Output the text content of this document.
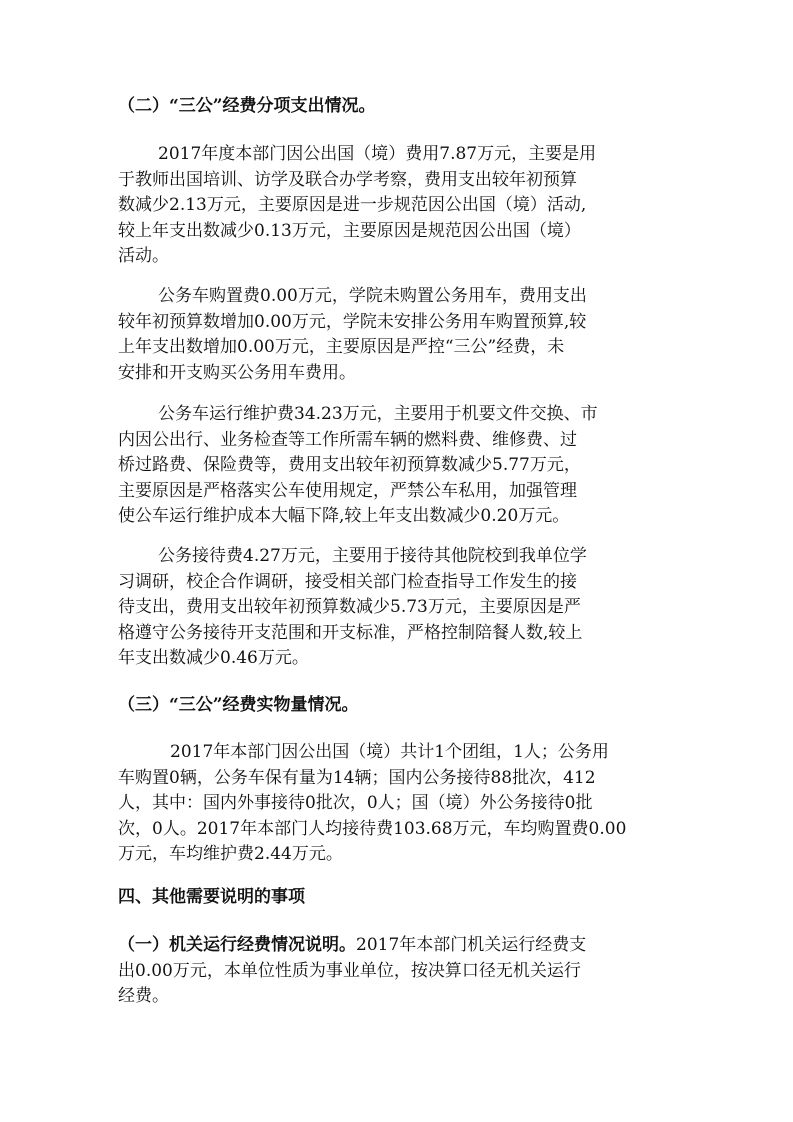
（二）“三公”经费分项支出情况。
2017年度本部门因公出国（境）费用7.87万元，主要是用
于教师出国培训、访学及联合办学考察，费用支出较年初预算
数减少2.13万元，主要原因是进一步规范因公出国（境）活动,
较上年支出数减少0.13万元，主要原因是规范因公出国（境）
活动。
公务车购置费0.00万元，学院未购置公务用车，费用支出
较年初预算数增加0.00万元，学院未安排公务用车购置预算,较
上年支出数增加0.00万元，主要原因是严控“三公”经费，未
安排和开支购买公务用车费用。
公务车运行维护费34.23万元，主要用于机要文件交换、市
内因公出行、业务检查等工作所需车辆的燃料费、维修费、过
桥过路费、保险费等，费用支出较年初预算数减少5.77万元，
主要原因是严格落实公车使用规定，严禁公车私用，加强管理
使公车运行维护成本大幅下降,较上年支出数减少0.20万元。
公务接待费4.27万元，主要用于接待其他院校到我单位学
习调研，校企合作调研，接受相关部门检查指导工作发生的接
待支出，费用支出较年初预算数减少5.73万元，主要原因是严
格遵守公务接待开支范围和开支标准，严格控制陪餐人数,较上
年支出数减少0.46万元。
（三）“三公”经费实物量情况。
2017年本部门因公出国（境）共计1个团组，1人；公务用
车购置0辆，公务车保有量为14辆；国内公务接待88批次，412
人，其中：国内外事接待0批次，0人；国（境）外公务接待0批
次，0人。2017年本部门人均接待费103.68万元，车均购置费0.00
万元，车均维护费2.44万元。
四、其他需要说明的事项
（一）机关运行经费情况说明。2017年本部门机关运行经费支
出0.00万元，本单位性质为事业单位，按决算口径无机关运行
经费。
